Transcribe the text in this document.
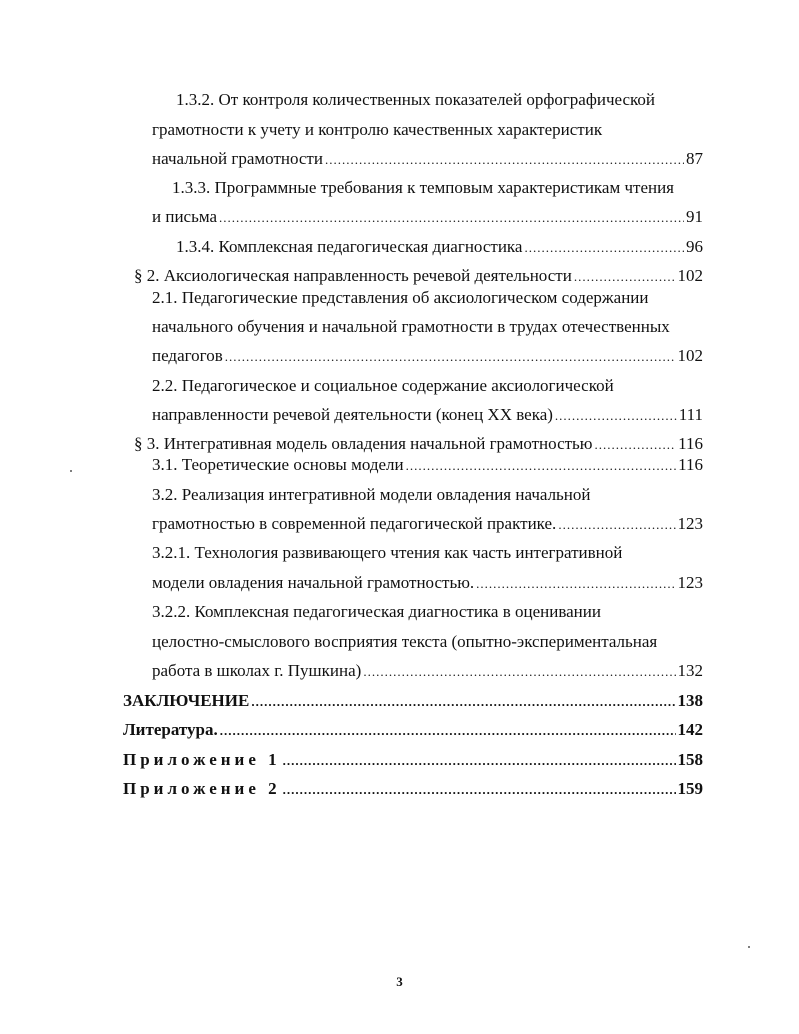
1.3.2. От контроля количественных показателей орфографической
грамотности к учету и контролю качественных характеристик
начальной грамотности .....	87
1.3.3. Программные требования к темповым характеристикам чтения
и письма .....	91
1.3.4. Комплексная педагогическая диагностика .....	96
§ 2. Аксиологическая направленность речевой деятельности .....	102
2.1. Педагогические представления об аксиологическом содержании
начального обучения и начальной грамотности в трудах отечественных
педагогов .....	102
2.2. Педагогическое и социальное содержание аксиологической
направленности речевой деятельности (конец XX века) .....	111
§ 3. Интегративная модель овладения начальной грамотностью .....	116
3.1. Теоретические основы модели .....	116
3.2. Реализация интегративной модели овладения начальной
грамотностью в современной педагогической практике. .....	123
3.2.1. Технология развивающего чтения как часть интегративной
модели овладения начальной грамотностью. .....	123
3.2.2. Комплексная педагогическая диагностика в оценивании
целостно-смыслового восприятия текста (опытно-экспериментальная
работа в школах г. Пушкина) .....	132
ЗАКЛЮЧЕНИЕ .....	138
Литература. .....	142
Приложение 1 .....	158
Приложение 2 .....	159
3
